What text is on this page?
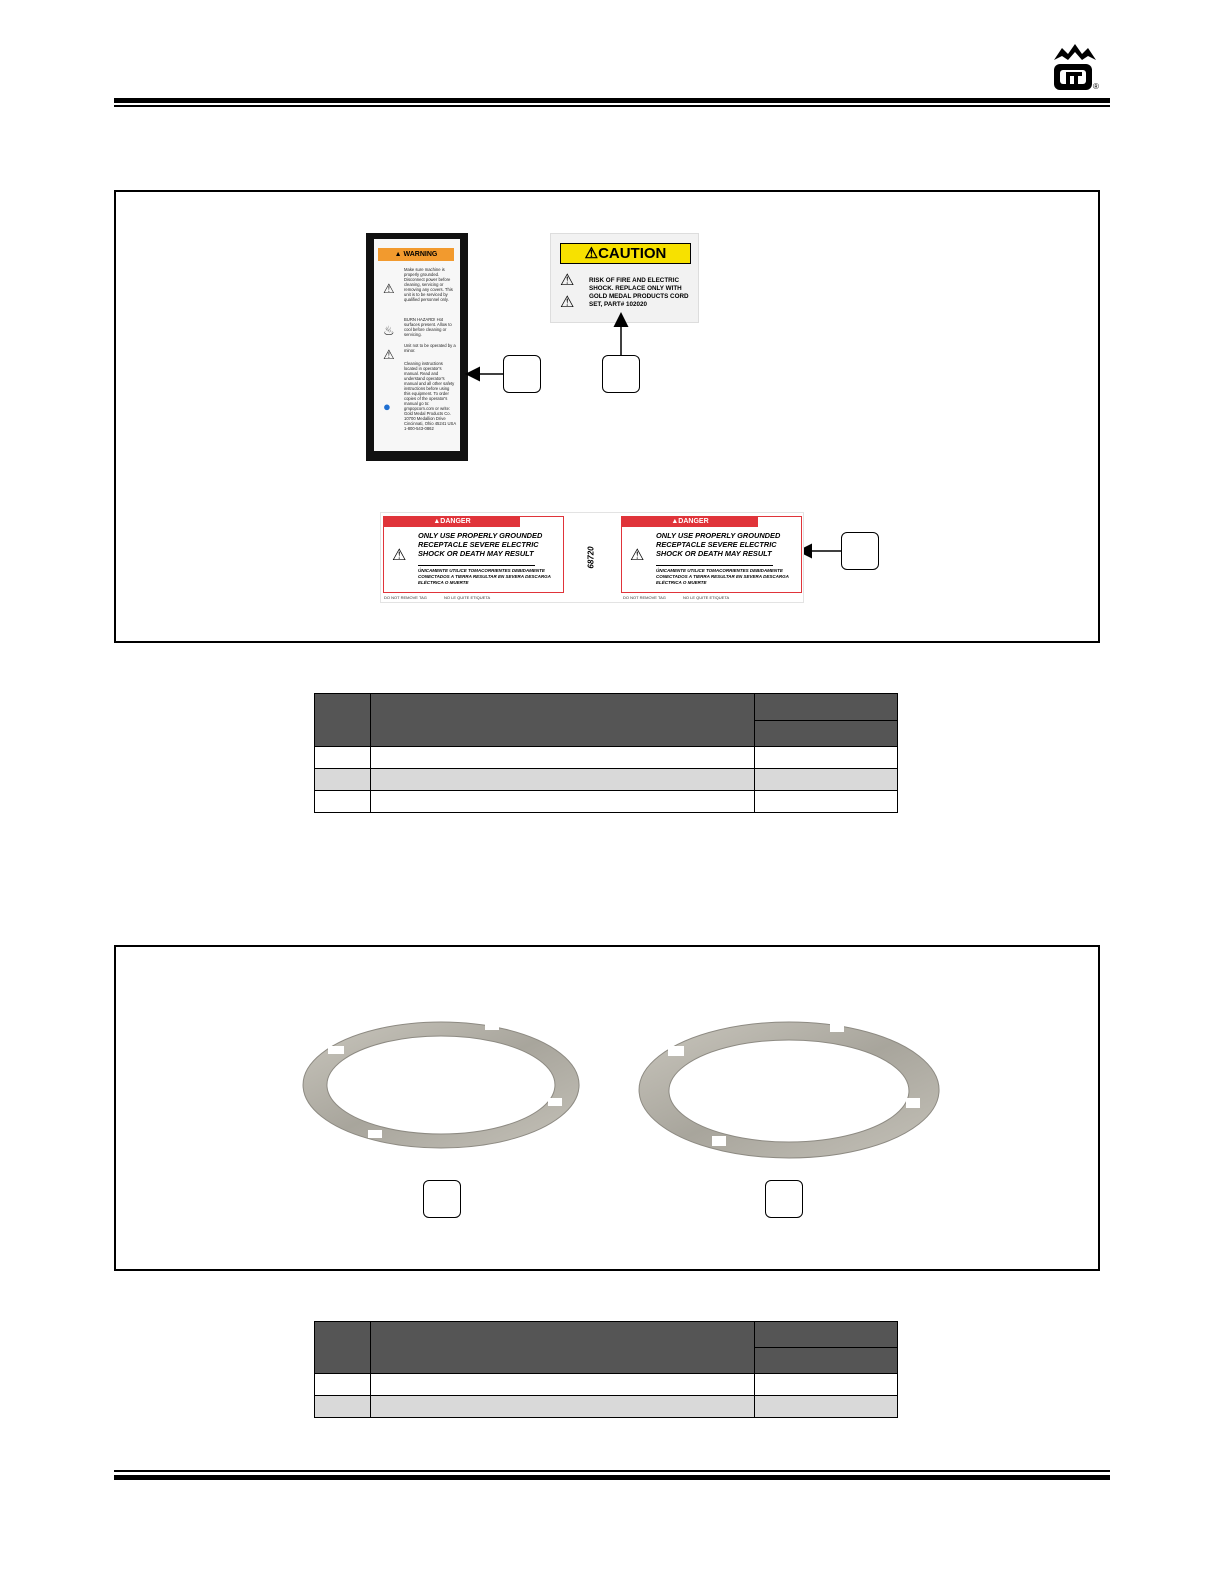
®
▲ WARNING
⚠
Make sure machine is properly grounded. Disconnect power before cleaning, servicing or removing any covers. This unit is to be serviced by qualified personnel only.
♨
BURN HAZARD! Hot surfaces present. Allow to cool before cleaning or servicing.
⚠
Unit not to be operated by a minor.
●
Cleaning instructions located in operator's manual. Read and understand operator's manual and all other safety instructions before using this equipment. To order copies of the operator's manual go to: gmpopcorn.com or write: Gold Medal Products Co. 10700 Medallion Drive Cincinnati, Ohio 45241 USA 1-800-543-0862
⚠CAUTION
⚠
⚠
RISK OF FIRE AND ELECTRIC SHOCK. REPLACE ONLY WITH GOLD MEDAL PRODUCTS CORD SET, PART# 102020
▲DANGER
⚠
ONLY USE PROPERLY GROUNDED RECEPTACLE SEVERE ELECTRIC SHOCK OR DEATH MAY RESULT
ÚNICAMENTE UTILICE TOMACORRIENTES DEBIDAMENTE CONECTADOS A TIERRA RESULTAR EN SEVERA DESCARGA ELÉCTRICA O MUERTE
DO NOT REMOVE TAG	NO LE QUITE ETIQUETA
68720
▲DANGER
⚠
ONLY USE PROPERLY GROUNDED RECEPTACLE SEVERE ELECTRIC SHOCK OR DEATH MAY RESULT
ÚNICAMENTE UTILICE TOMACORRIENTES DEBIDAMENTE CONECTADOS A TIERRA RESULTAR EN SEVERA DESCARGA ELÉCTRICA O MUERTE
DO NOT REMOVE TAG	NO LE QUITE ETIQUETA
